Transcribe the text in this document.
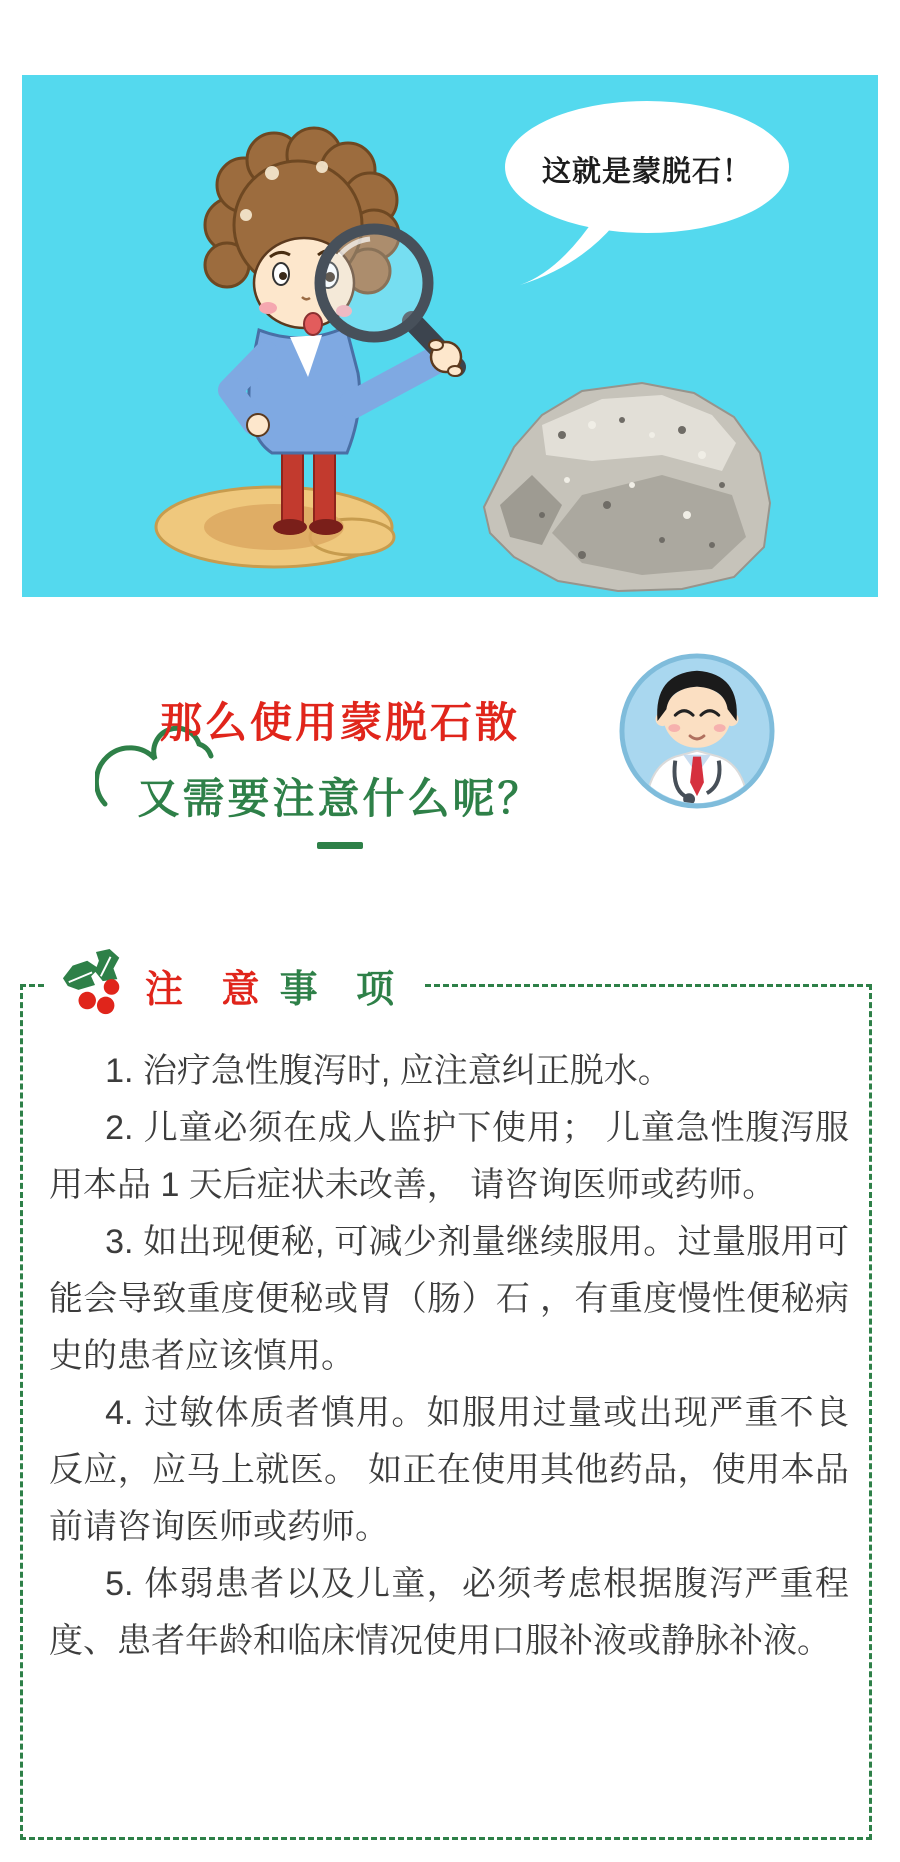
这就是蒙脱石！
那么使用蒙脱石散
又需要注意什么呢？
注 意 事 项

1. 治疗急性腹泻时, 应注意纠正脱水。

2. 儿童必须在成人监护下使用； 儿童急性腹泻服用本品 1 天后症状未改善， 请咨询医师或药师。

3. 如出现便秘, 可减少剂量继续服用。过量服用可能会导致重度便秘或胃（肠）石 ，有重度慢性便秘病史的患者应该慎用。

4. 过敏体质者慎用。如服用过量或出现严重不良反应，应马上就医。 如正在使用其他药品，使用本品前请咨询医师或药师。

5. 体弱患者以及儿童，必须考虑根据腹泻严重程度、患者年龄和临床情况使用口服补液或静脉补液。
